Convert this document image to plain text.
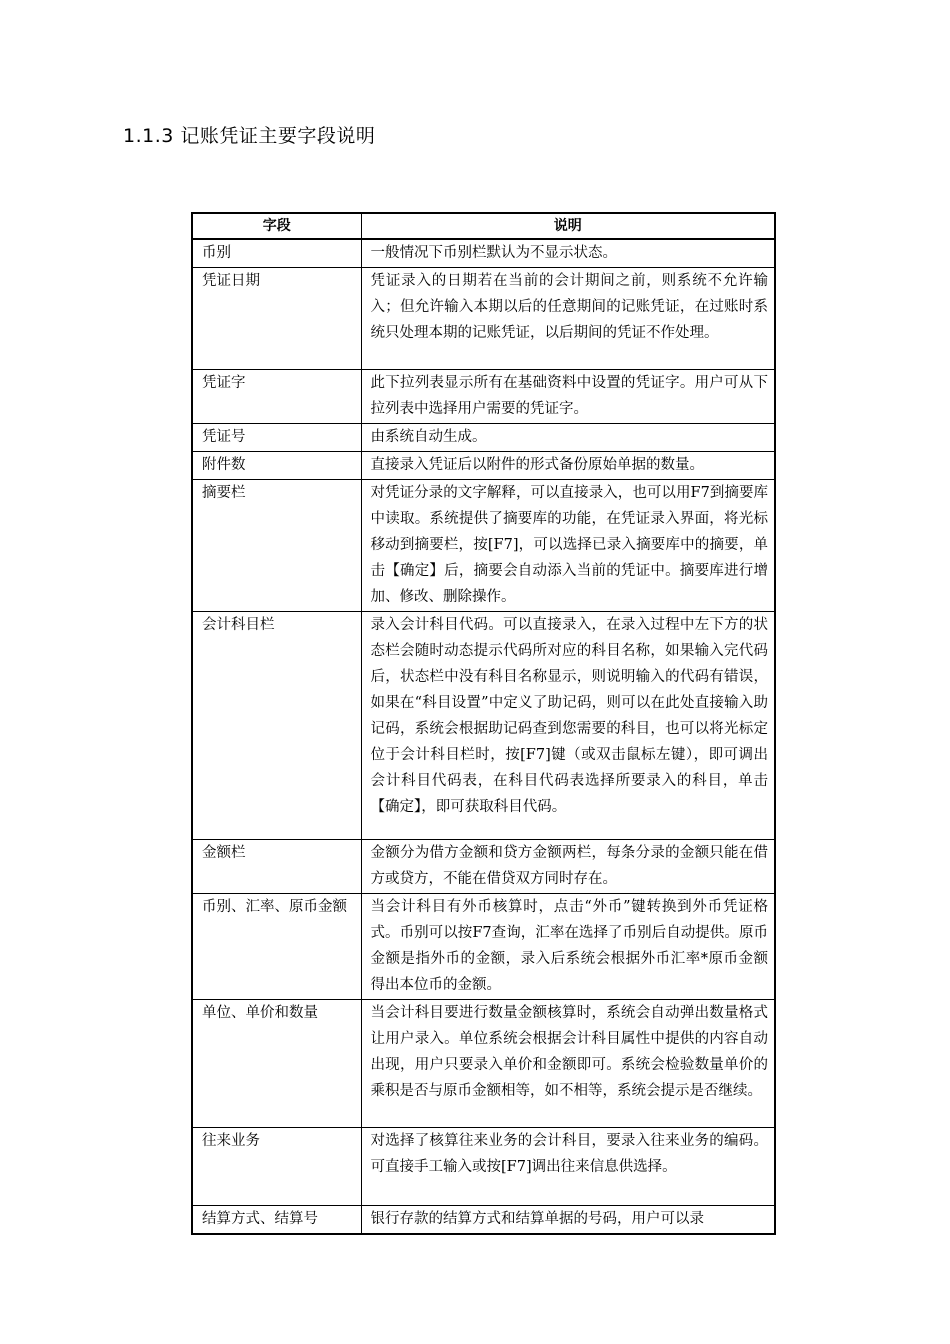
1.1.3 记账凭证主要字段说明
字段	说明
币别	一般情况下币别栏默认为不显示状态。
凭证日期	凭证录入的日期若在当前的会计期间之前，则系统不允许输入；但允许输入本期以后的任意期间的记账凭证，在过账时系统只处理本期的记账凭证，以后期间的凭证不作处理。
凭证字	此下拉列表显示所有在基础资料中设置的凭证字。用户可从下拉列表中选择用户需要的凭证字。
凭证号	由系统自动生成。
附件数	直接录入凭证后以附件的形式备份原始单据的数量。
摘要栏	对凭证分录的文字解释，可以直接录入，也可以用F7到摘要库中读取。系统提供了摘要库的功能，在凭证录入界面，将光标移动到摘要栏，按[F7]，可以选择已录入摘要库中的摘要，单击【确定】后，摘要会自动添入当前的凭证中。摘要库进行增加、修改、删除操作。
会计科目栏	录入会计科目代码。可以直接录入，在录入过程中左下方的状态栏会随时动态提示代码所对应的科目名称，如果输入完代码后，状态栏中没有科目名称显示，则说明输入的代码有错误，如果在“科目设置”中定义了助记码，则可以在此处直接输入助记码，系统会根据助记码查到您需要的科目，也可以将光标定位于会计科目栏时，按[F7]键（或双击鼠标左键），即可调出会计科目代码表，在科目代码表选择所要录入的科目，单击【确定】，即可获取科目代码。
金额栏	金额分为借方金额和贷方金额两栏，每条分录的金额只能在借方或贷方，不能在借贷双方同时存在。
币别、汇率、原币金额	当会计科目有外币核算时，点击“外币”键转换到外币凭证格式。币别可以按F7查询，汇率在选择了币别后自动提供。原币金额是指外币的金额，录入后系统会根据外币汇率*原币金额得出本位币的金额。
单位、单价和数量	当会计科目要进行数量金额核算时，系统会自动弹出数量格式让用户录入。单位系统会根据会计科目属性中提供的内容自动出现，用户只要录入单价和金额即可。系统会检验数量单价的乘积是否与原币金额相等，如不相等，系统会提示是否继续。
往来业务	对选择了核算往来业务的会计科目，要录入往来业务的编码。可直接手工输入或按[F7]调出往来信息供选择。
结算方式、结算号	银行存款的结算方式和结算单据的号码，用户可以录
